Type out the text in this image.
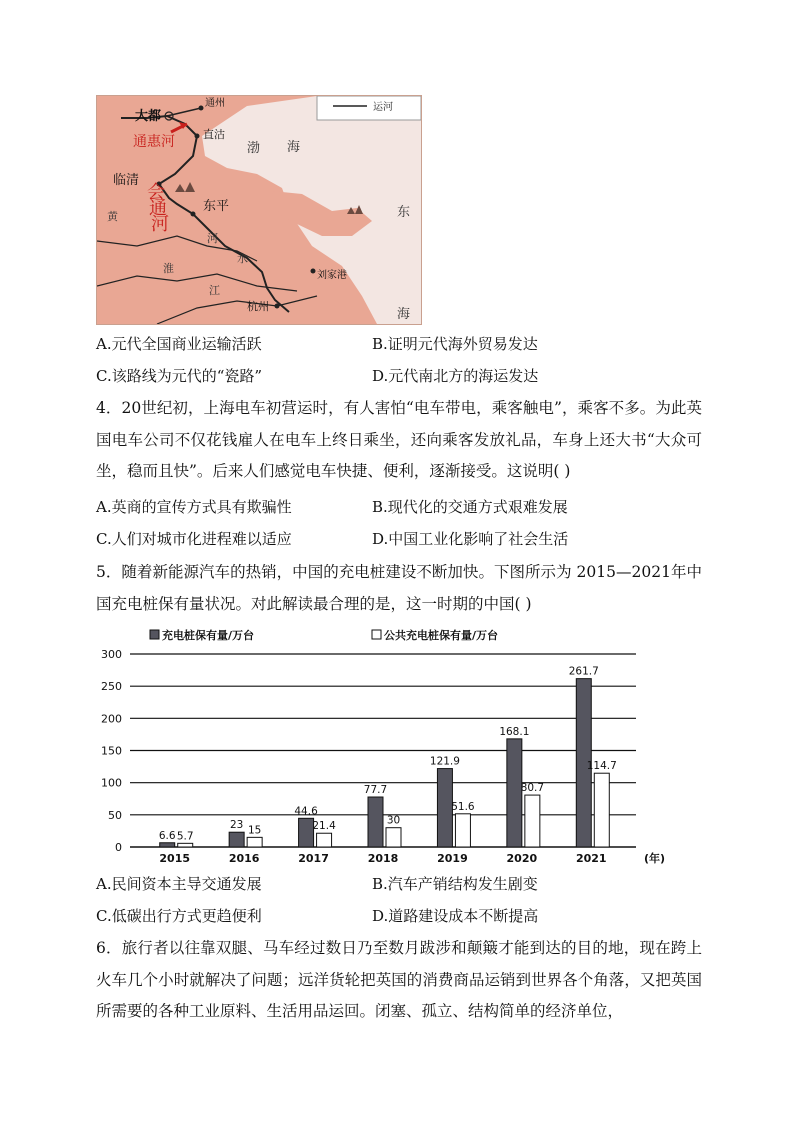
运河
大都
通州
直沽
通惠河	渤 海
临清
会
通
河
东平
黄
河
水
东
淮
江
刘家港
杭州
海
A.元代全国商业运输活跃	B.证明元代海外贸易发达
C.该路线为元代的“瓷路”	D.元代南北方的海运发达
4．20世纪初，上海电车初营运时，有人害怕“电车带电，乘客触电”，乘客不多。为此英国电车公司不仅花钱雇人在电车上终日乘坐，还向乘客发放礼品，车身上还大书“大众可坐，稳而且快”。后来人们感觉电车快捷、便利，逐渐接受。这说明( )
A.英商的宣传方式具有欺骗性	B.现代化的交通方式艰难发展
C.人们对城市化进程难以适应	D.中国工业化影响了社会生活
5．随着新能源汽车的热销，中国的充电桩建设不断加快。下图所示为 2015—2021年中国充电桩保有量状况。对此解读最合理的是，这一时期的中国( )
充电桩保有量/万台	公共充电桩保有量/万台
0
50
100
150
200
250
300
6.6 5.7
23 15
44.6
21.4
77.7
30
121.9
51.6
168.1
80.7
261.7
114.7
2015	2016	2017	2018	2019	2020	2021	(年)
A.民间资本主导交通发展	B.汽车产销结构发生剧变
C.低碳出行方式更趋便利	D.道路建设成本不断提高
6．旅行者以往靠双腿、马车经过数日乃至数月跋涉和颠簸才能到达的目的地，现在跨上火车几个小时就解决了问题；远洋货轮把英国的消费商品运销到世界各个角落，又把英国所需要的各种工业原料、生活用品运回。闭塞、孤立、结构简单的经济单位，
